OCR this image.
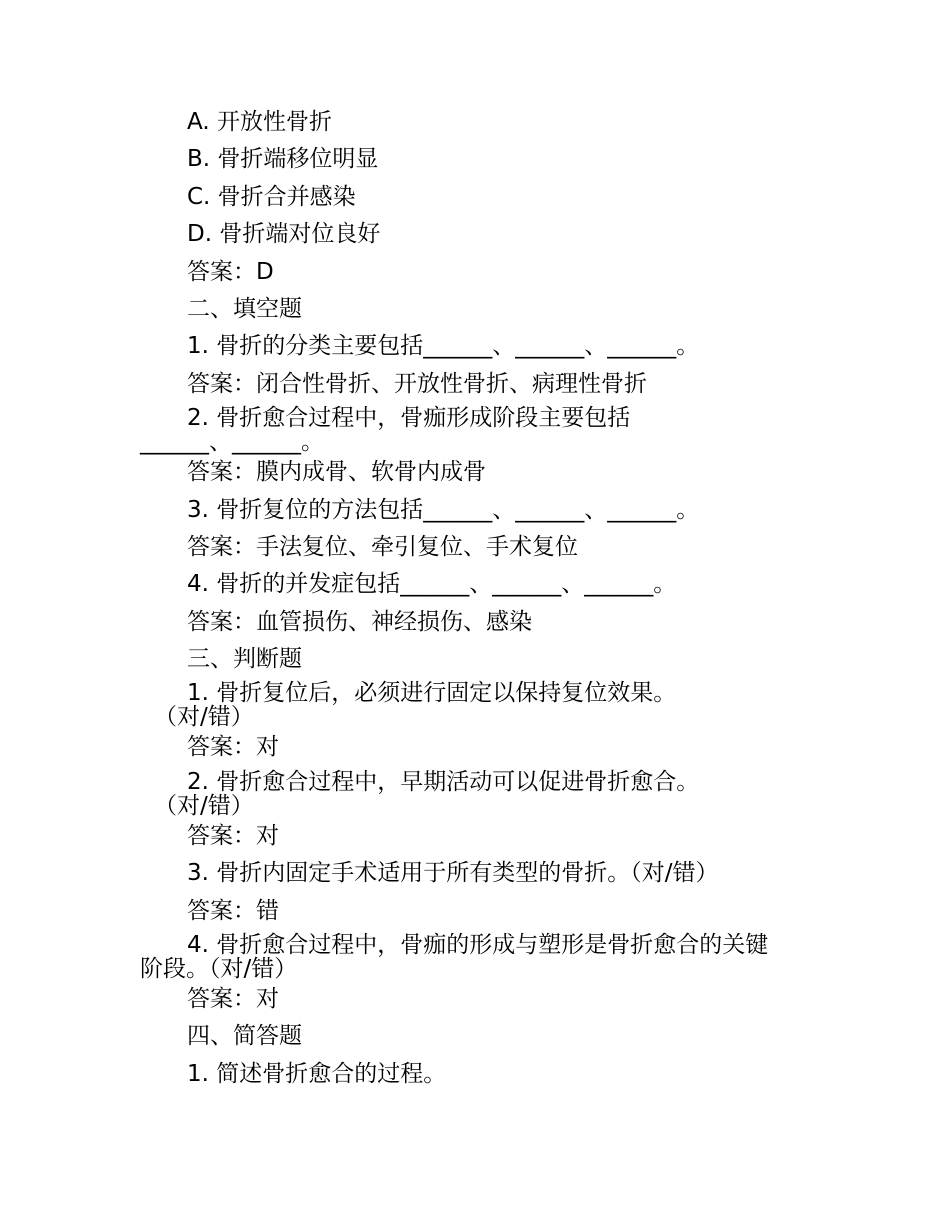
A. 开放性骨折
B. 骨折端移位明显
C. 骨折合并感染
D. 骨折端对位良好
答案：D
二、填空题
1. 骨折的分类主要包括______、______、______。
答案：闭合性骨折、开放性骨折、病理性骨折
2. 骨折愈合过程中，骨痂形成阶段主要包括
______、______。
答案：膜内成骨、软骨内成骨
3. 骨折复位的方法包括______、______、______。
答案：手法复位、牵引复位、手术复位
4. 骨折的并发症包括______、______、______。
答案：血管损伤、神经损伤、感染
三、判断题
1. 骨折复位后，必须进行固定以保持复位效果。
（对/错）
答案：对
2. 骨折愈合过程中，早期活动可以促进骨折愈合。
（对/错）
答案：对
3. 骨折内固定手术适用于所有类型的骨折。（对/错）
答案：错
4. 骨折愈合过程中，骨痂的形成与塑形是骨折愈合的关键
阶段。（对/错）
答案：对
四、简答题
1. 简述骨折愈合的过程。
